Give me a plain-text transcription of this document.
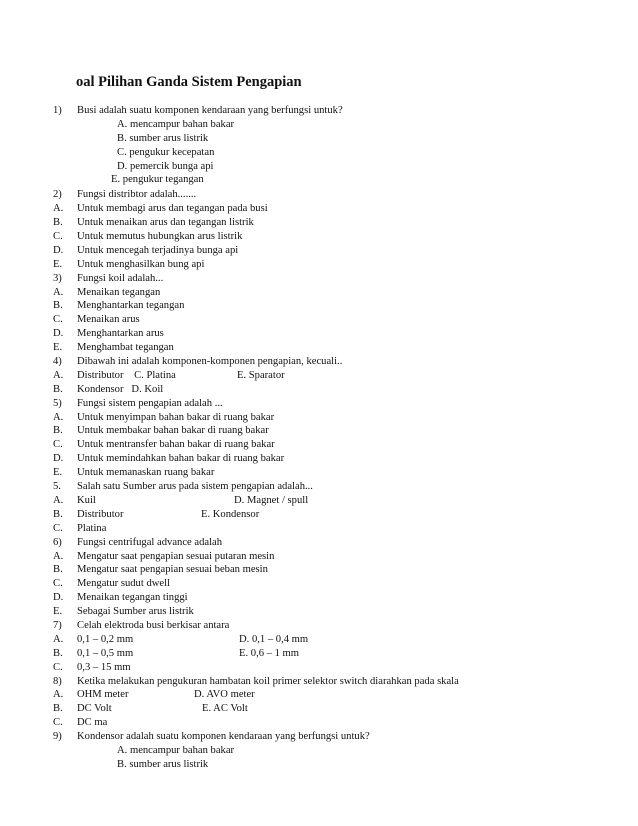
oal Pilihan Ganda Sistem Pengapian
1) Busi adalah suatu komponen kendaraan yang berfungsi untuk?
A. mencampur bahan bakar
B. sumber arus listrik
C. pengukur kecepatan
D. pemercik bunga api
E. pengukur tegangan
2) Fungsi distribtor adalah.......
A. Untuk membagi arus dan tegangan pada busi
B. Untuk menaikan arus dan tegangan listrik
C. Untuk memutus hubungkan arus listrik
D. Untuk mencegah terjadinya bunga api
E. Untuk menghasilkan bung api
3) Fungsi koil adalah...
A. Menaikan tegangan
B. Menghantarkan tegangan
C. Menaikan arus
D. Menghantarkan arus
E. Menghambat tegangan
4) Dibawah ini adalah komponen-komponen pengapian, kecuali..
A. Distributor    C. Platina	E. Sparator
B. Kondensor   D. Koil
5) Fungsi sistem pengapian adalah ...
A. Untuk menyimpan bahan bakar di ruang bakar
B. Untuk membakar bahan bakar di ruang bakar
C. Untuk mentransfer bahan bakar di ruang bakar
D. Untuk memindahkan bahan bakar di ruang bakar
E. Untuk memanaskan ruang bakar
5. Salah satu Sumber arus pada sistem pengapian adalah...
A. Kuil	D. Magnet / spull
B. Distributor	E. Kondensor
C. Platina
6) Fungsi centrifugal advance adalah
A. Mengatur saat pengapian sesuai putaran mesin
B. Mengatur saat pengapian sesuai beban mesin
C. Mengatur sudut dwell
D. Menaikan tegangan tinggi
E. Sebagai Sumber arus listrik
7) Celah elektroda busi berkisar antara
A. 0,1 – 0,2 mm	D. 0,1 – 0,4 mm
B. 0,1 – 0,5 mm	E. 0,6 – 1 mm
C. 0,3 – 15 mm
8) Ketika melakukan pengukuran hambatan koil primer selektor switch diarahkan pada skala
A. OHM meter	D. AVO meter
B. DC Volt	E. AC Volt
C. DC ma
9) Kondensor adalah suatu komponen kendaraan yang berfungsi untuk?
A. mencampur bahan bakar
B. sumber arus listrik
